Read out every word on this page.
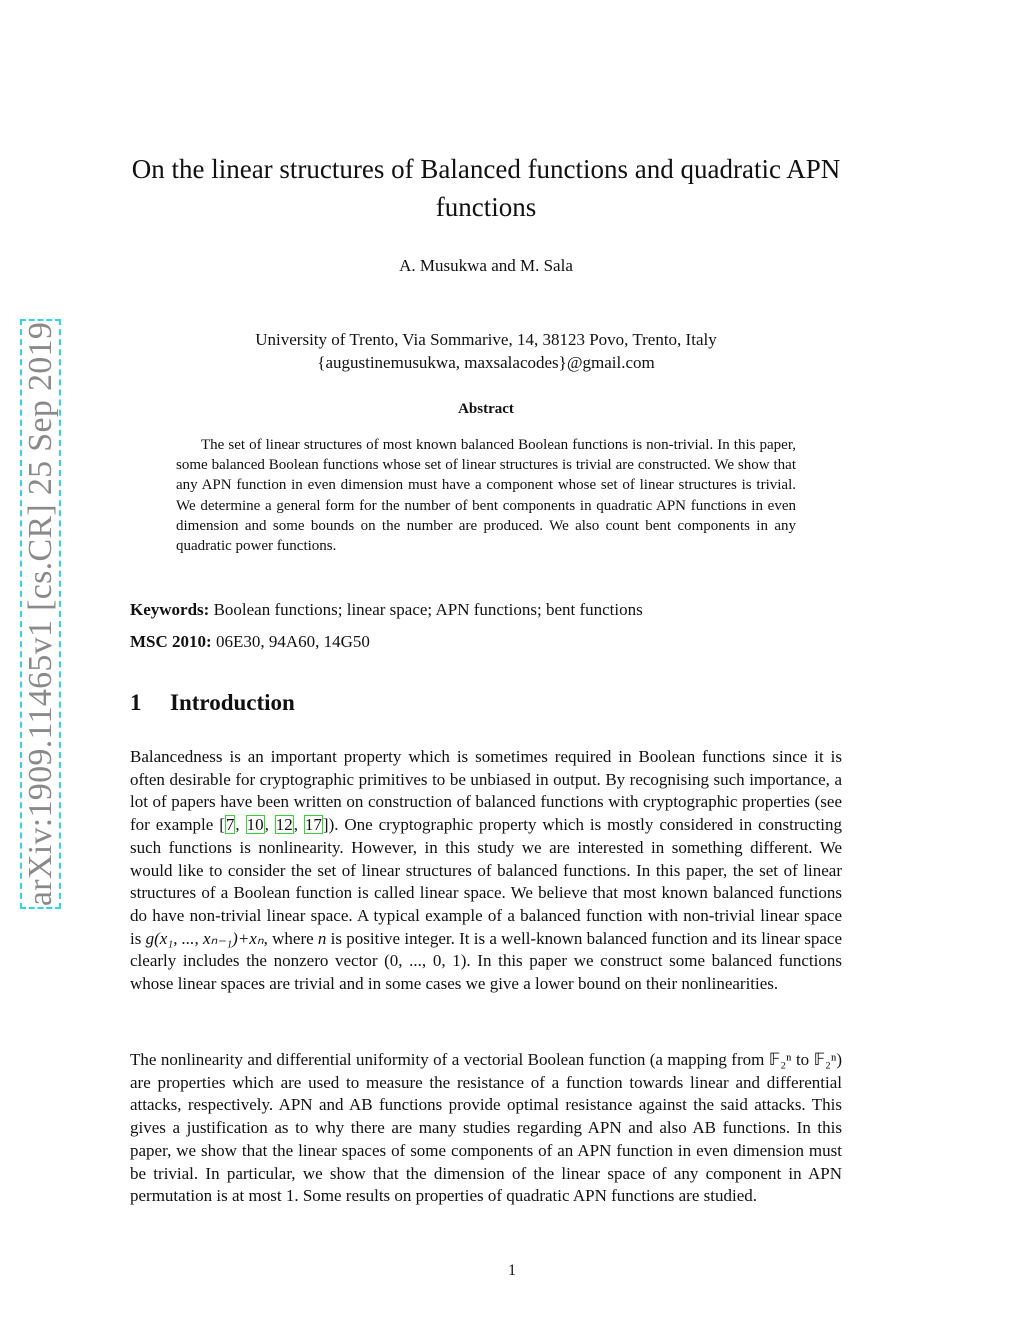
arXiv:1909.11465v1 [cs.CR] 25 Sep 2019
On the linear structures of Balanced functions and quadratic APN functions
A. Musukwa and M. Sala
University of Trento, Via Sommarive, 14, 38123 Povo, Trento, Italy
{augustinemusukwa, maxsalacodes}@gmail.com
Abstract

The set of linear structures of most known balanced Boolean functions is non-trivial. In this paper, some balanced Boolean functions whose set of linear structures is trivial are constructed. We show that any APN function in even dimension must have a component whose set of linear structures is trivial. We determine a general form for the number of bent components in quadratic APN functions in even dimension and some bounds on the number are produced. We also count bent components in any quadratic power functions.

Keywords: Boolean functions; linear space; APN functions; bent functions
MSC 2010: 06E30, 94A60, 14G50
1 Introduction

Balancedness is an important property which is sometimes required in Boolean functions since it is often desirable for cryptographic primitives to be unbiased in output. By recognising such importance, a lot of papers have been written on construction of balanced functions with cryptographic properties (see for example [7, 10, 12, 17]). One cryptographic property which is mostly considered in constructing such functions is nonlinearity. However, in this study we are interested in something different. We would like to consider the set of linear structures of balanced functions. In this paper, the set of linear structures of a Boolean function is called linear space. We believe that most known balanced functions do have non-trivial linear space. A typical example of a balanced function with non-trivial linear space is g(x₁, ..., xₙ₋₁)+xₙ, where n is positive integer. It is a well-known balanced function and its linear space clearly includes the nonzero vector (0, ..., 0, 1). In this paper we construct some balanced functions whose linear spaces are trivial and in some cases we give a lower bound on their nonlinearities.

The nonlinearity and differential uniformity of a vectorial Boolean function (a mapping from 𝔽₂ⁿ to 𝔽₂ⁿ) are properties which are used to measure the resistance of a function towards linear and differential attacks, respectively. APN and AB functions provide optimal resistance against the said attacks. This gives a justification as to why there are many studies regarding APN and also AB functions. In this paper, we show that the linear spaces of some components of an APN function in even dimension must be trivial. In particular, we show that the dimension of the linear space of any component in APN permutation is at most 1. Some results on properties of quadratic APN functions are studied.

1
